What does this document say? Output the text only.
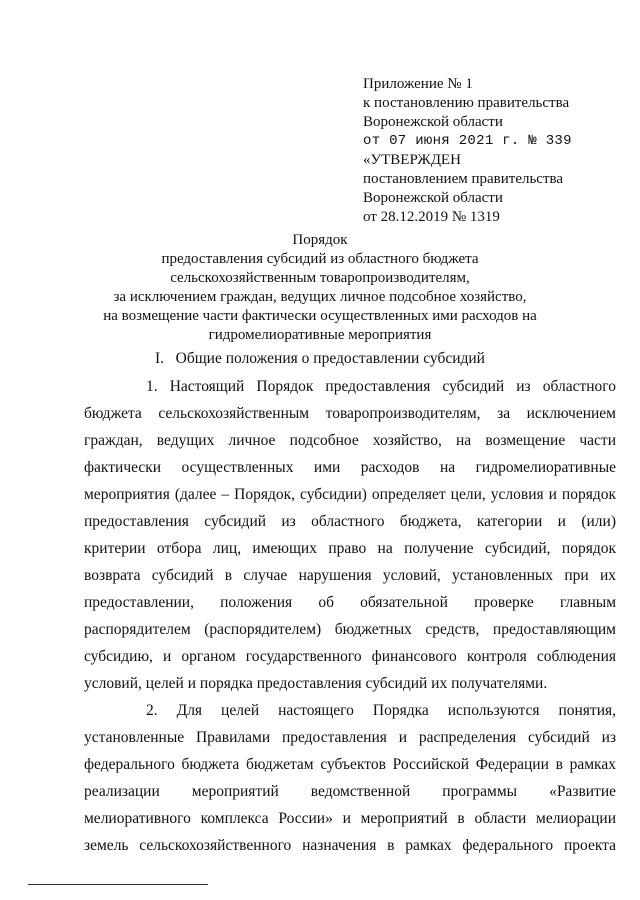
Приложение № 1
к постановлению правительства
Воронежской области
от 07 июня 2021 г. № 339
«УТВЕРЖДЕН
постановлением правительства
Воронежской области
от 28.12.2019 № 1319
Порядок
предоставления субсидий из областного бюджета
сельскохозяйственным товаропроизводителям,
за исключением граждан, ведущих личное подсобное хозяйство,
на возмещение части фактически осуществленных ими расходов на
гидромелиоративные мероприятия
I.   Общие положения о предоставлении субсидий
1. Настоящий Порядок предоставления субсидий из областного
бюджета сельскохозяйственным товаропроизводителям, за исключением
граждан, ведущих личное подсобное хозяйство, на возмещение части
фактически осуществленных ими расходов на гидромелиоративные
мероприятия (далее – Порядок, субсидии) определяет цели, условия и порядок
предоставления субсидий из областного бюджета, категории и (или)
критерии отбора лиц, имеющих право на получение субсидий, порядок
возврата субсидий в случае нарушения условий, установленных при их
предоставлении, положения об обязательной проверке главным
распорядителем (распорядителем) бюджетных средств, предоставляющим
субсидию, и органом государственного финансового контроля соблюдения
условий, целей и порядка предоставления субсидий их получателями.
2. Для целей настоящего Порядка используются понятия,
установленные Правилами предоставления и распределения субсидий из
федерального бюджета бюджетам субъектов Российской Федерации в рамках
реализации мероприятий ведомственной программы «Развитие
мелиоративного комплекса России» и мероприятий в области мелиорации
земель сельскохозяйственного назначения в рамках федерального проекта
